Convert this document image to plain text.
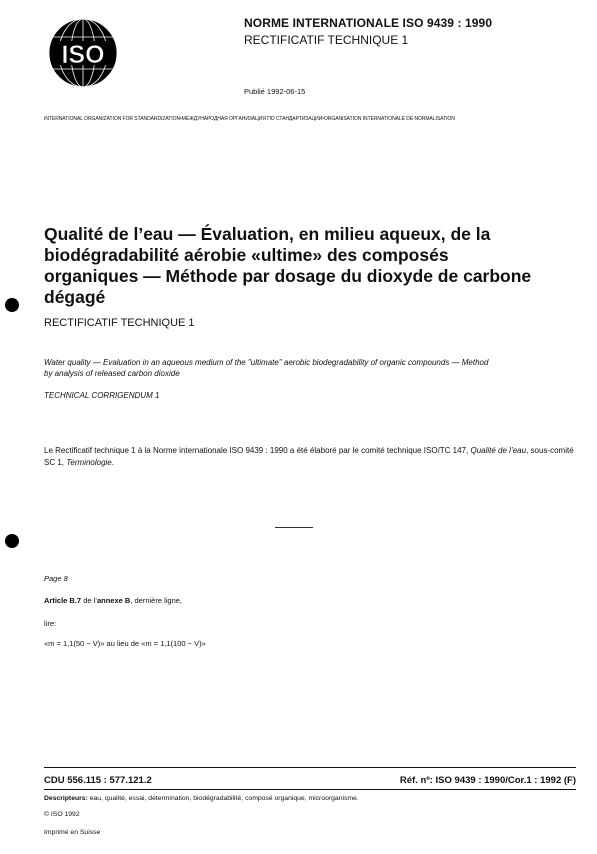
ISO
NORME INTERNATIONALE ISO 9439 : 1990
RECTIFICATIF TECHNIQUE 1
Publié 1992-06-15
INTERNATIONAL ORGANIZATION FOR STANDARDIZATION•МЕЖДУНАРОДНАЯ ОРГАНИЗАЦИЯ ПО СТАНДАРТИЗАЦИИ•ORGANISATION INTERNATIONALE DE NORMALISATION
Qualité de l’eau — Évaluation, en milieu aqueux, de la
biodégradabilité aérobie «ultime» des composés
organiques — Méthode par dosage du dioxyde de carbone
dégagé
RECTIFICATIF TECHNIQUE 1
Water quality — Evaluation in an aqueous medium of the "ultimate" aerobic biodegradability of organic compounds — Method
by analysis of released carbon dioxide
TECHNICAL CORRIGENDUM 1
Le Rectificatif technique 1 à la Norme internationale ISO 9439 : 1990 a été élaboré par le comité technique ISO/TC 147, Qualité de l’eau, sous-comité SC 1, Terminologie.
Page 8
Article B.7 de l’annexe B, dernière ligne,
lire:
«m = 1,1(50 − V)» au lieu de «m = 1,1(100 − V)»
CDU 556.115 : 577.121.2	Réf. nº: ISO 9439 : 1990/Cor.1 : 1992 (F)
Descripteurs: eau, qualité, essai, détermination, biodégradabilité, composé organique, microorganisme.
© ISO 1992
Imprimé en Suisse
